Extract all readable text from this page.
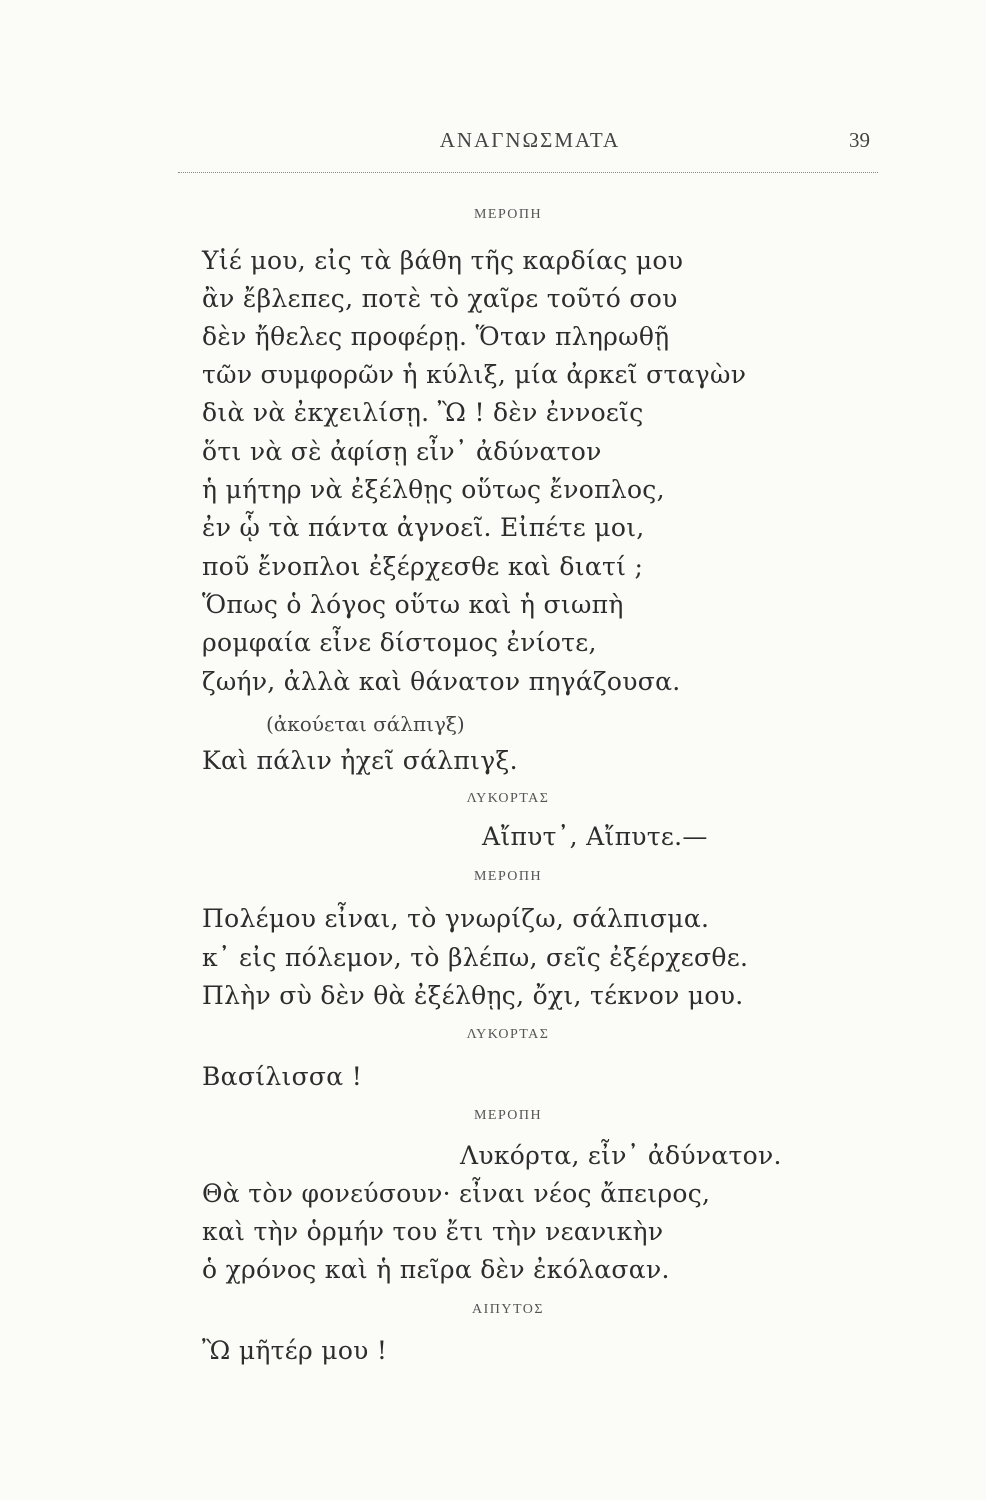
ΑΝΑΓΝΩΣΜΑΤΑ	39
ΜΕΡΟΠΗ
Υἱέ μου, εἰς τὰ βάθη τῆς καρδίας μου
ἂν ἔβλεπες, ποτὲ τὸ χαῖρε τοῦτό σου
δὲν ἤθελες προφέρῃ. Ὅταν πληρωθῇ
τῶν συμφορῶν ἡ κύλιξ, μία ἀρκεῖ σταγὼν
διὰ νὰ ἐκχειλίσῃ. Ὢ ! δὲν ἐννοεῖς
ὅτι νὰ σὲ ἀφίσῃ εἶν᾿ ἀδύνατον
ἡ μήτηρ νὰ ἐξέλθῃς οὕτως ἔνοπλος,
ἐν ᾧ τὰ πάντα ἀγνοεῖ. Εἰπέτε μοι,
ποῦ ἔνοπλοι ἐξέρχεσθε καὶ διατί ;
Ὅπως ὁ λόγος οὕτω καὶ ἡ σιωπὴ
ρομφαία εἶνε δίστομος ἐνίοτε,
ζωήν, ἀλλὰ καὶ θάνατον πηγάζουσα.
(ἀκούεται σάλπιγξ)
Καὶ πάλιν ἠχεῖ σάλπιγξ.
ΛΥΚΟΡΤΑΣ
Αἴπυτ᾿, Αἴπυτε.—
ΜΕΡΟΠΗ
Πολέμου εἶναι, τὸ γνωρίζω, σάλπισμα.
κ᾿ εἰς πόλεμον, τὸ βλέπω, σεῖς ἐξέρχεσθε.
Πλὴν σὺ δὲν θὰ ἐξέλθῃς, ὄχι, τέκνον μου.
ΛΥΚΟΡΤΑΣ
Βασίλισσα !
ΜΕΡΟΠΗ
Λυκόρτα, εἶν᾿ ἀδύνατον.
Θὰ τὸν φονεύσουν· εἶναι νέος ἄπειρος,
καὶ τὴν ὁρμήν του ἔτι τὴν νεανικὴν
ὁ χρόνος καὶ ἡ πεῖρα δὲν ἐκόλασαν.
ΑΙΠΥΤΟΣ
Ὢ μῆτέρ μου !
